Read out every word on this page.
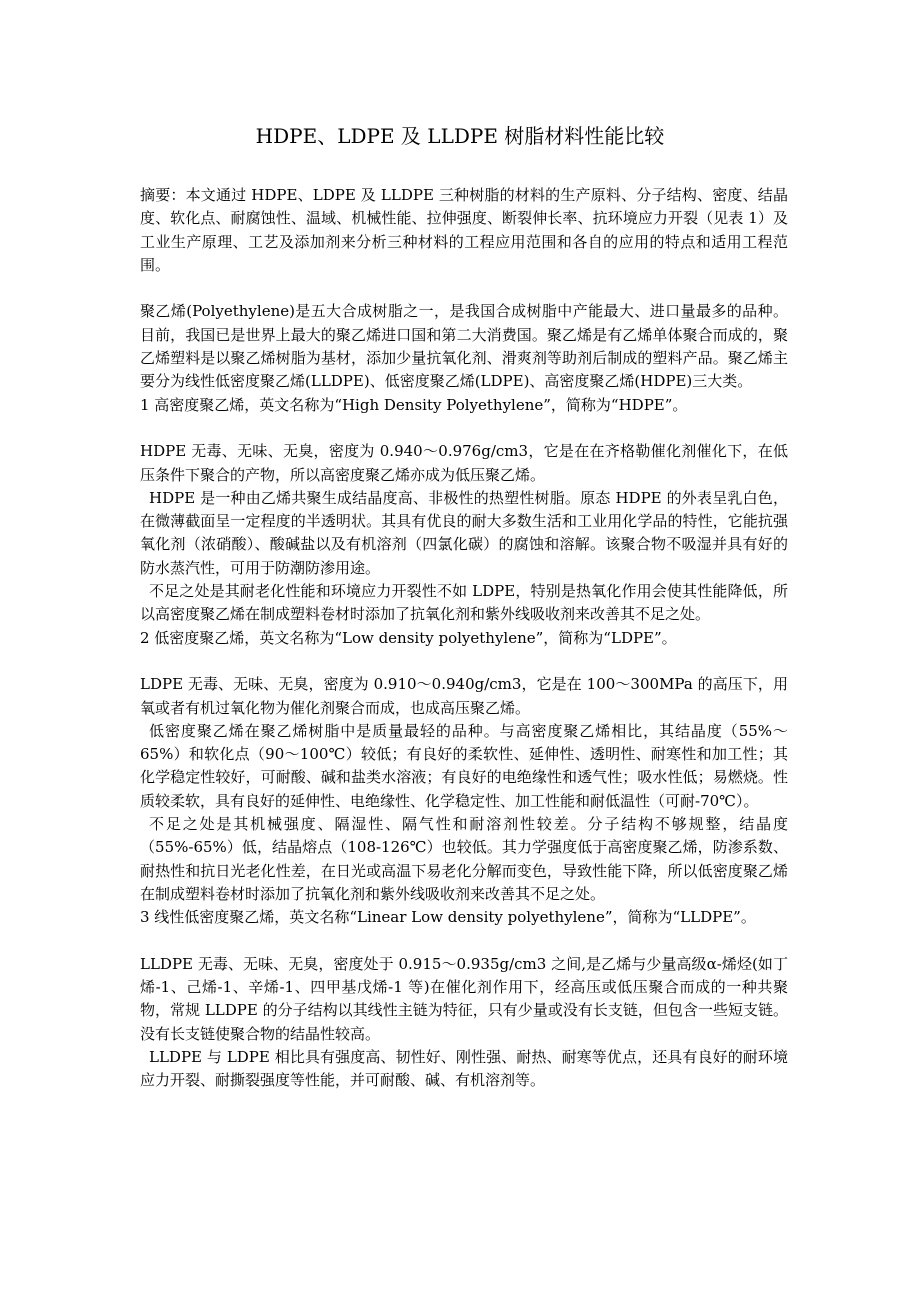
HDPE、LDPE 及 LLDPE 树脂材料性能比较

摘要：本文通过 HDPE、LDPE 及 LLDPE 三种树脂的材料的生产原料、分子结构、密度、结晶度、软化点、耐腐蚀性、温域、机械性能、拉伸强度、断裂伸长率、抗环境应力开裂（见表 1）及工业生产原理、工艺及添加剂来分析三种材料的工程应用范围和各自的应用的特点和适用工程范围。

聚乙烯(Polyethylene)是五大合成树脂之一，是我国合成树脂中产能最大、进口量最多的品种。目前，我国已是世界上最大的聚乙烯进口国和第二大消费国。聚乙烯是有乙烯单体聚合而成的，聚乙烯塑料是以聚乙烯树脂为基材，添加少量抗氧化剂、滑爽剂等助剂后制成的塑料产品。聚乙烯主要分为线性低密度聚乙烯(LLDPE)、低密度聚乙烯(LDPE)、高密度聚乙烯(HDPE)三大类。

1 高密度聚乙烯，英文名称为“High Density Polyethylene”，简称为“HDPE”。

HDPE 无毒、无味、无臭，密度为 0.940～0.976g/cm3，它是在在齐格勒催化剂催化下，在低压条件下聚合的产物，所以高密度聚乙烯亦成为低压聚乙烯。

HDPE 是一种由乙烯共聚生成结晶度高、非极性的热塑性树脂。原态 HDPE 的外表呈乳白色，在微薄截面呈一定程度的半透明状。其具有优良的耐大多数生活和工业用化学品的特性，它能抗强氧化剂（浓硝酸）、酸碱盐以及有机溶剂（四氯化碳）的腐蚀和溶解。该聚合物不吸湿并具有好的防水蒸汽性，可用于防潮防渗用途。

不足之处是其耐老化性能和环境应力开裂性不如 LDPE，特别是热氧化作用会使其性能降低，所以高密度聚乙烯在制成塑料卷材时添加了抗氧化剂和紫外线吸收剂来改善其不足之处。

2 低密度聚乙烯，英文名称为“Low density polyethylene”，简称为“LDPE”。

LDPE 无毒、无味、无臭，密度为 0.910～0.940g/cm3，它是在 100～300MPa 的高压下，用氧或者有机过氧化物为催化剂聚合而成，也成高压聚乙烯。

低密度聚乙烯在聚乙烯树脂中是质量最轻的品种。与高密度聚乙烯相比，其结晶度（55%～65%）和软化点（90～100℃）较低；有良好的柔软性、延伸性、透明性、耐寒性和加工性；其化学稳定性较好，可耐酸、碱和盐类水溶液；有良好的电绝缘性和透气性；吸水性低；易燃烧。性质较柔软，具有良好的延伸性、电绝缘性、化学稳定性、加工性能和耐低温性（可耐-70℃）。

不足之处是其机械强度、隔湿性、隔气性和耐溶剂性较差。分子结构不够规整，结晶度（55%-65%）低，结晶熔点（108-126℃）也较低。其力学强度低于高密度聚乙烯，防渗系数、耐热性和抗日光老化性差，在日光或高温下易老化分解而变色，导致性能下降，所以低密度聚乙烯在制成塑料卷材时添加了抗氧化剂和紫外线吸收剂来改善其不足之处。

3 线性低密度聚乙烯，英文名称“Linear Low density polyethylene”，简称为“LLDPE”。

LLDPE 无毒、无味、无臭，密度处于 0.915～0.935g/cm3 之间,是乙烯与少量高级α-烯烃(如丁烯-1、己烯-1、辛烯-1、四甲基戊烯-1 等)在催化剂作用下，经高压或低压聚合而成的一种共聚物，常规 LLDPE 的分子结构以其线性主链为特征，只有少量或没有长支链，但包含一些短支链。没有长支链使聚合物的结晶性较高。

LLDPE 与 LDPE 相比具有强度高、韧性好、刚性强、耐热、耐寒等优点，还具有良好的耐环境应力开裂、耐撕裂强度等性能，并可耐酸、碱、有机溶剂等。
